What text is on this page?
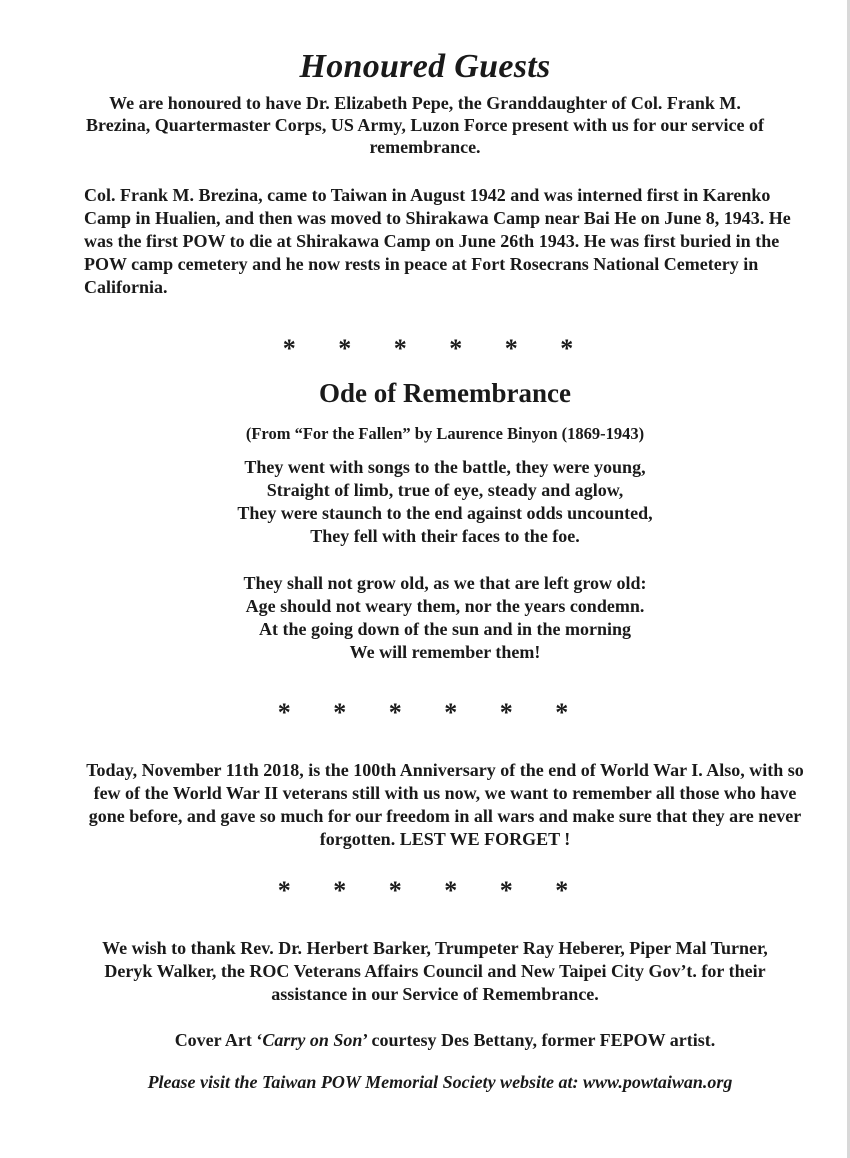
Honoured Guests
We are honoured to have Dr. Elizabeth Pepe, the Granddaughter of Col. Frank M. Brezina, Quartermaster Corps, US Army, Luzon Force present with us for our service of remembrance.
Col. Frank M. Brezina, came to Taiwan in August 1942 and was interned first in Karenko Camp in Hualien, and then was moved to Shirakawa Camp near Bai He on June 8, 1943. He was the first POW to die at Shirakawa Camp on June 26th 1943. He was first buried in the POW camp cemetery and he now rests in peace at Fort Rosecrans National Cemetery in California.
* * * * * *
Ode of Remembrance
(From “For the Fallen” by Laurence Binyon (1869-1943)
They went with songs to the battle, they were young,
Straight of limb, true of eye, steady and aglow,
They were staunch to the end against odds uncounted,
They fell with their faces to the foe.
They shall not grow old, as we that are left grow old:
Age should not weary them, nor the years condemn.
At the going down of the sun and in the morning
We will remember them!
* * * * * *
Today, November 11th 2018, is the 100th Anniversary of the end of World War I. Also, with so few of the World War II veterans still with us now, we want to remember all those who have gone before, and gave so much for our freedom in all wars and make sure that they are never forgotten. LEST WE FORGET !
* * * * * *
We wish to thank Rev. Dr. Herbert Barker, Trumpeter Ray Heberer, Piper Mal Turner, Deryk Walker, the ROC Veterans Affairs Council and New Taipei City Gov’t. for their assistance in our Service of Remembrance.
Cover Art ‘Carry on Son’ courtesy Des Bettany, former FEPOW artist.
Please visit the Taiwan POW Memorial Society website at: www.powtaiwan.org
